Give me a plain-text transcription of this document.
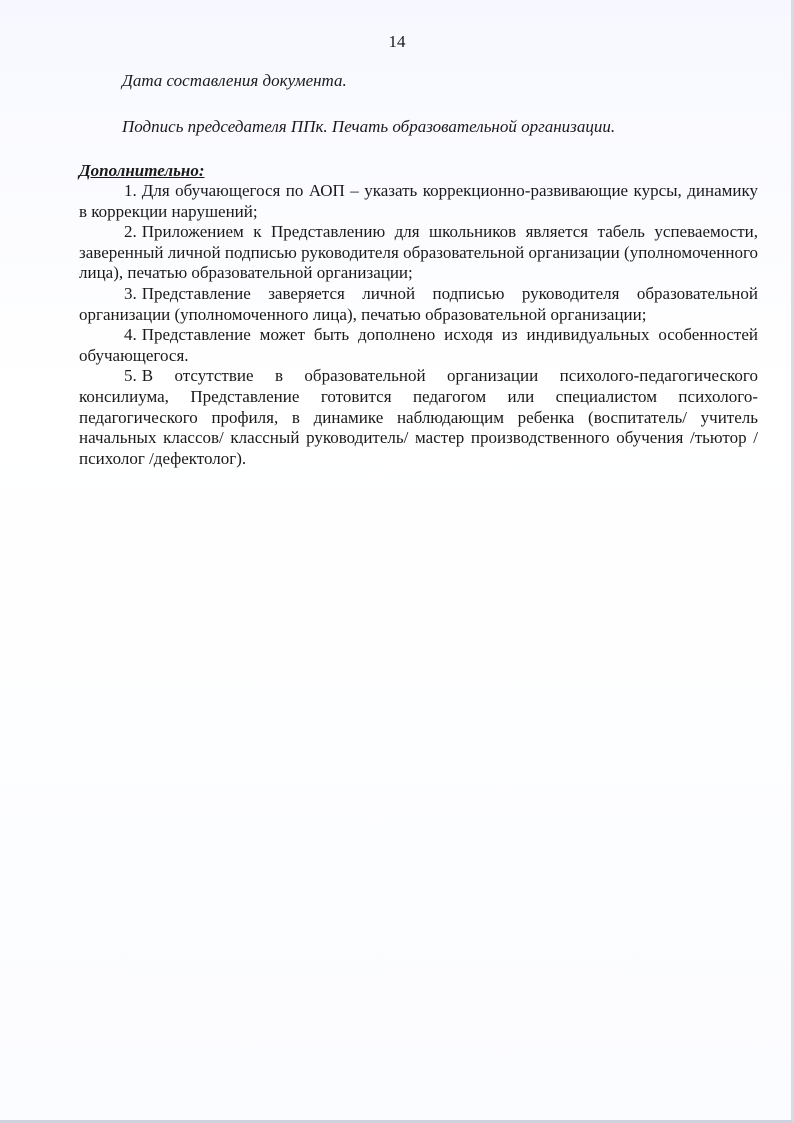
14
Дата составления документа.
Подпись председателя ППк. Печать образовательной организации.
Дополнительно:
1. Для обучающегося по АОП – указать коррекционно-развивающие курсы, динамику в коррекции нарушений;
2. Приложением к Представлению для школьников является табель успеваемости, заверенный личной подписью руководителя образовательной организации (уполномоченного лица), печатью образовательной организации;
3. Представление заверяется личной подписью руководителя образовательной организации (уполномоченного лица), печатью образовательной организации;
4. Представление может быть дополнено исходя из индивидуальных особенностей обучающегося.
5. В отсутствие в образовательной организации психолого-педагогического консилиума, Представление готовится педагогом или специалистом психолого-педагогического профиля, в динамике наблюдающим ребенка (воспитатель/ учитель начальных классов/ классный руководитель/ мастер производственного обучения /тьютор /психолог /дефектолог).
